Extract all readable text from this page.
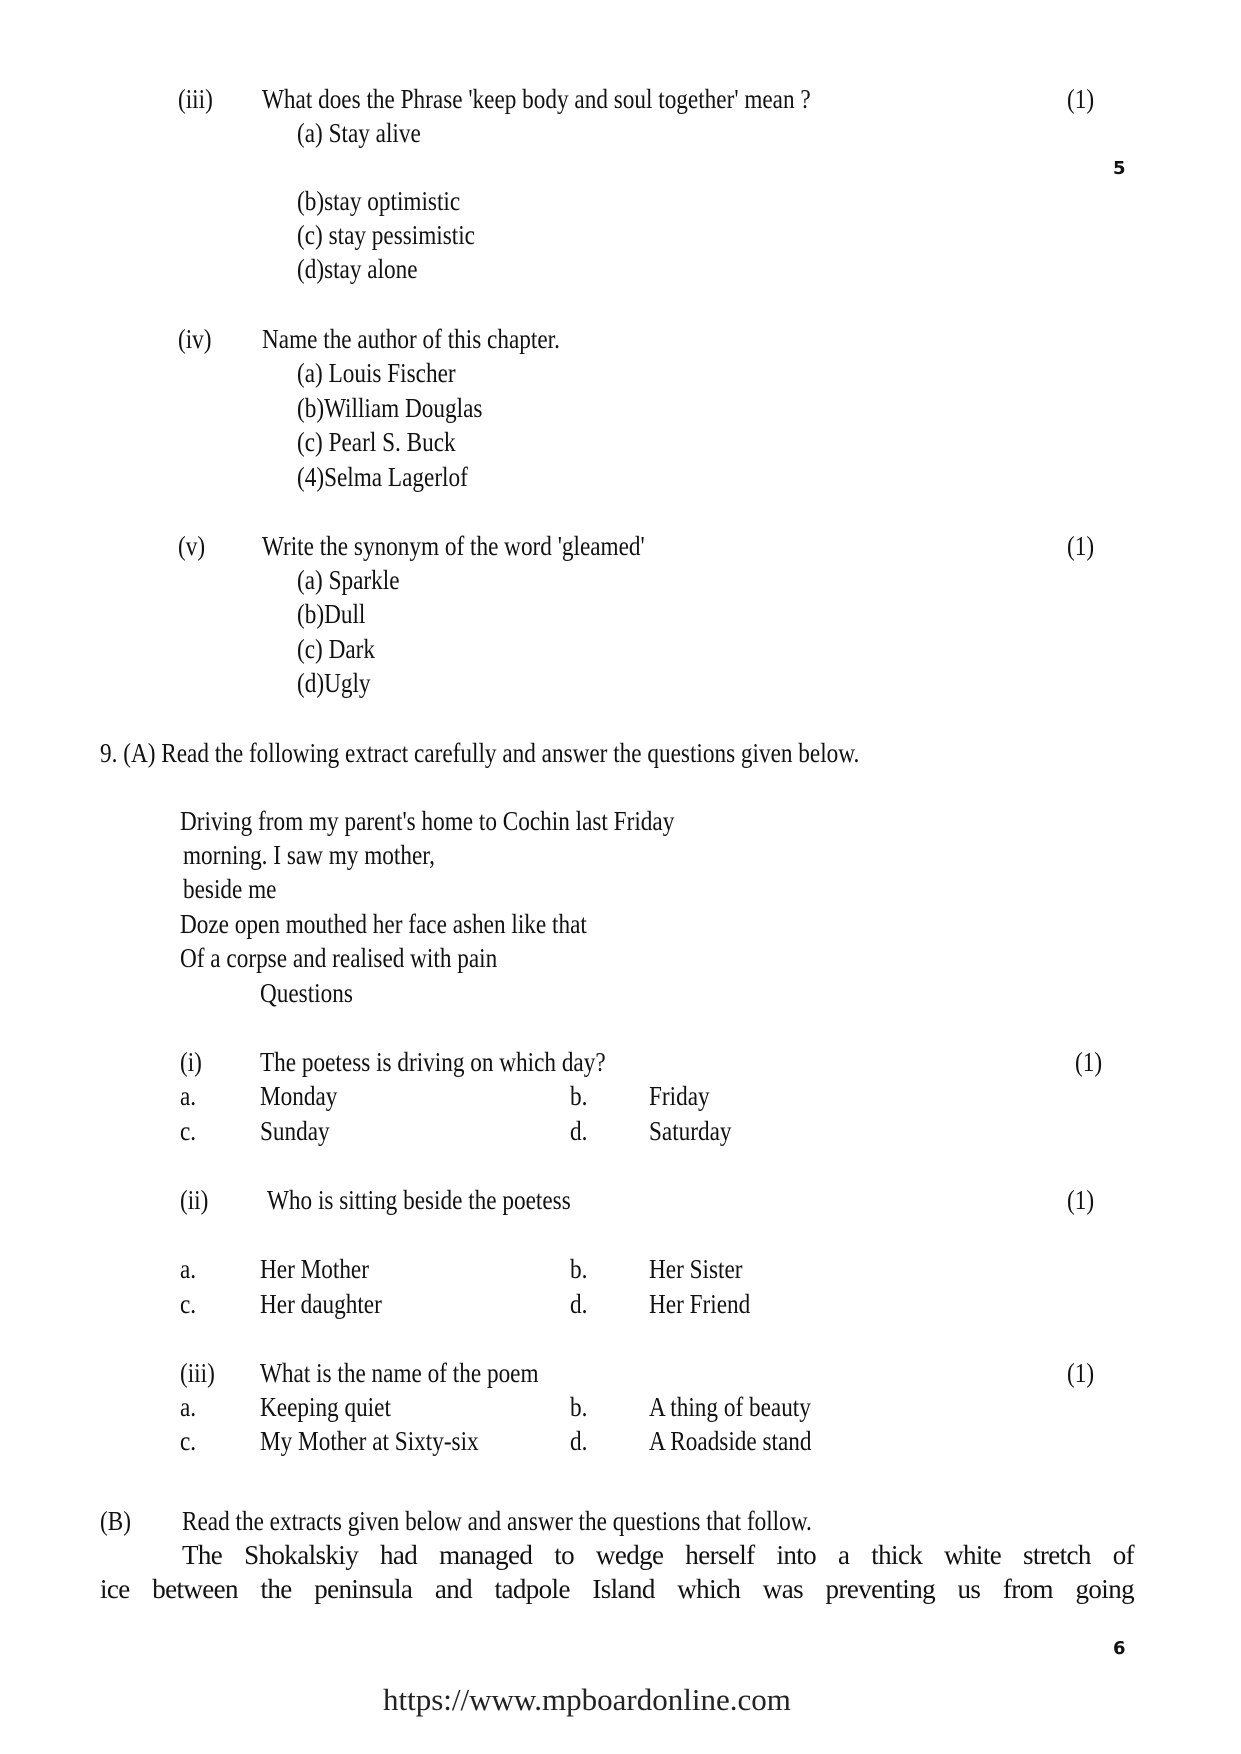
(iii) What does the Phrase 'keep body and soul together' mean ?	(1)
(a) Stay alive
(b)stay optimistic
(c) stay pessimistic
(d)stay alone
5
(iv) Name the author of this chapter.
(a) Louis Fischer
(b)William Douglas
(c) Pearl S. Buck
(4)Selma Lagerlof
(v) Write the synonym of the word 'gleamed'	(1)
(a) Sparkle
(b)Dull
(c) Dark
(d)Ugly
9. (A) Read the following extract carefully and answer the questions given below.
Driving from my parent's home to Cochin last Friday
morning. I saw my mother,
beside me
Doze open mouthed her face ashen like that
Of a corpse and realised with pain
Questions
(i) The poetess is driving on which day?	(1)
a. Monday	b. Friday
c. Sunday	d. Saturday
(ii) Who is sitting beside the poetess	(1)
a. Her Mother	b. Her Sister
c. Her daughter	d. Her Friend
(iii) What is the name of the poem	(1)
a. Keeping quiet	b. A thing of beauty
c. My Mother at Sixty-six	d. A Roadside stand
(B) Read the extracts given below and answer the questions that follow.
The Shokalskiy had managed to wedge herself into a thick white stretch of
ice between the peninsula and tadpole Island which was preventing us from going
6
https://www.mpboardonline.com
